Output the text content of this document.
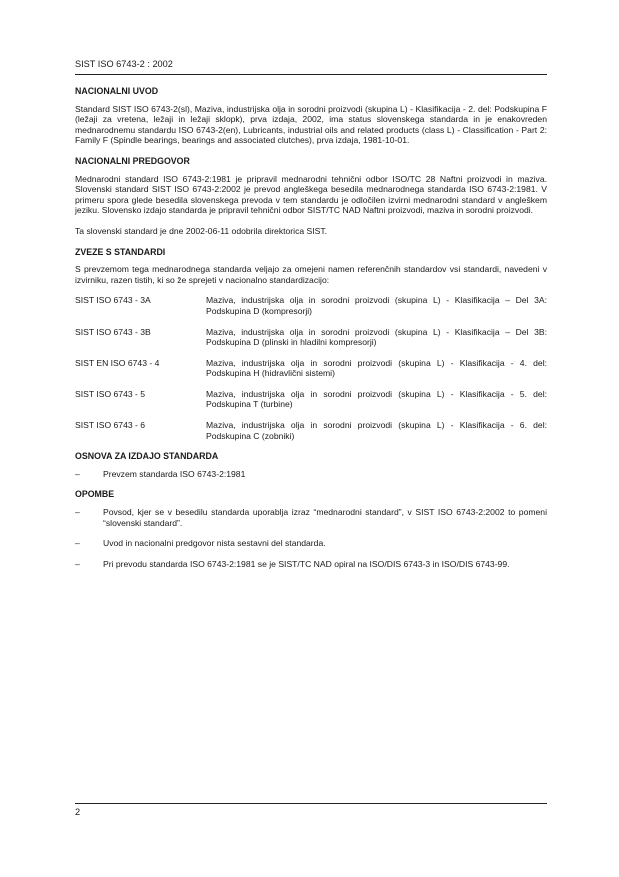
SIST ISO 6743-2 : 2002
NACIONALNI UVOD

Standard SIST ISO 6743-2(sl), Maziva, industrijska olja in sorodni proizvodi (skupina L) - Klasifikacija - 2. del: Podskupina F (ležaji za vretena, ležaji in ležaji sklopk), prva izdaja, 2002, ima status slovenskega standarda in je enakovreden mednarodnemu standardu ISO 6743-2(en), Lubricants, industrial oils and related products (class L) - Classification - Part 2: Family F (Spindle bearings, bearings and associated clutches), prva izdaja, 1981-10-01.

NACIONALNI PREDGOVOR

Mednarodni standard ISO 6743-2:1981 je pripravil mednarodni tehnični odbor ISO/TC 28 Naftni proizvodi in maziva. Slovenski standard SIST ISO 6743-2:2002 je prevod angleškega besedila mednarodnega standarda ISO 6743-2:1981. V primeru spora glede besedila slovenskega prevoda v tem standardu je odločilen izvirni mednarodni standard v angleškem jeziku. Slovensko izdajo standarda je pripravil tehnični odbor SIST/TC NAD Naftni proizvodi, maziva in sorodni proizvodi.

Ta slovenski standard je dne 2002-06-11 odobrila direktorica SIST.

ZVEZE S STANDARDI

S prevzemom tega mednarodnega standarda veljajo za omejeni namen referenčnih standardov vsi standardi, navedeni v izvirniku, razen tistih, ki so že sprejeti v nacionalno standardizacijo:

SIST ISO 6743 - 3A	Maziva, industrijska olja in sorodni proizvodi (skupina L) - Klasifikacija – Del 3A: Podskupina D (kompresorji)
SIST ISO 6743 - 3B	Maziva, industrijska olja in sorodni proizvodi (skupina L) - Klasifikacija – Del 3B: Podskupina D (plinski in hladilni kompresorji)
SIST EN ISO 6743 - 4	Maziva, industrijska olja in sorodni proizvodi (skupina L) - Klasifikacija - 4. del: Podskupina H (hidravlični sistemi)
SIST ISO 6743 - 5	Maziva, industrijska olja in sorodni proizvodi (skupina L) - Klasifikacija - 5. del: Podskupina T (turbine)
SIST ISO 6743 - 6	Maziva, industrijska olja in sorodni proizvodi (skupina L) - Klasifikacija - 6. del: Podskupina C (zobniki)
OSNOVA ZA IZDAJO STANDARDA
–	Prevzem standarda ISO 6743-2:1981
OPOMBE
–	Povsod, kjer se v besedilu standarda uporablja izraz “mednarodni standard”, v SIST ISO 6743-2:2002 to pomeni “slovenski standard”.
–	Uvod in nacionalni predgovor nista sestavni del standarda.
–	Pri prevodu standarda ISO 6743-2:1981 se je SIST/TC NAD opiral na ISO/DIS 6743-3 in ISO/DIS 6743-99.
2
